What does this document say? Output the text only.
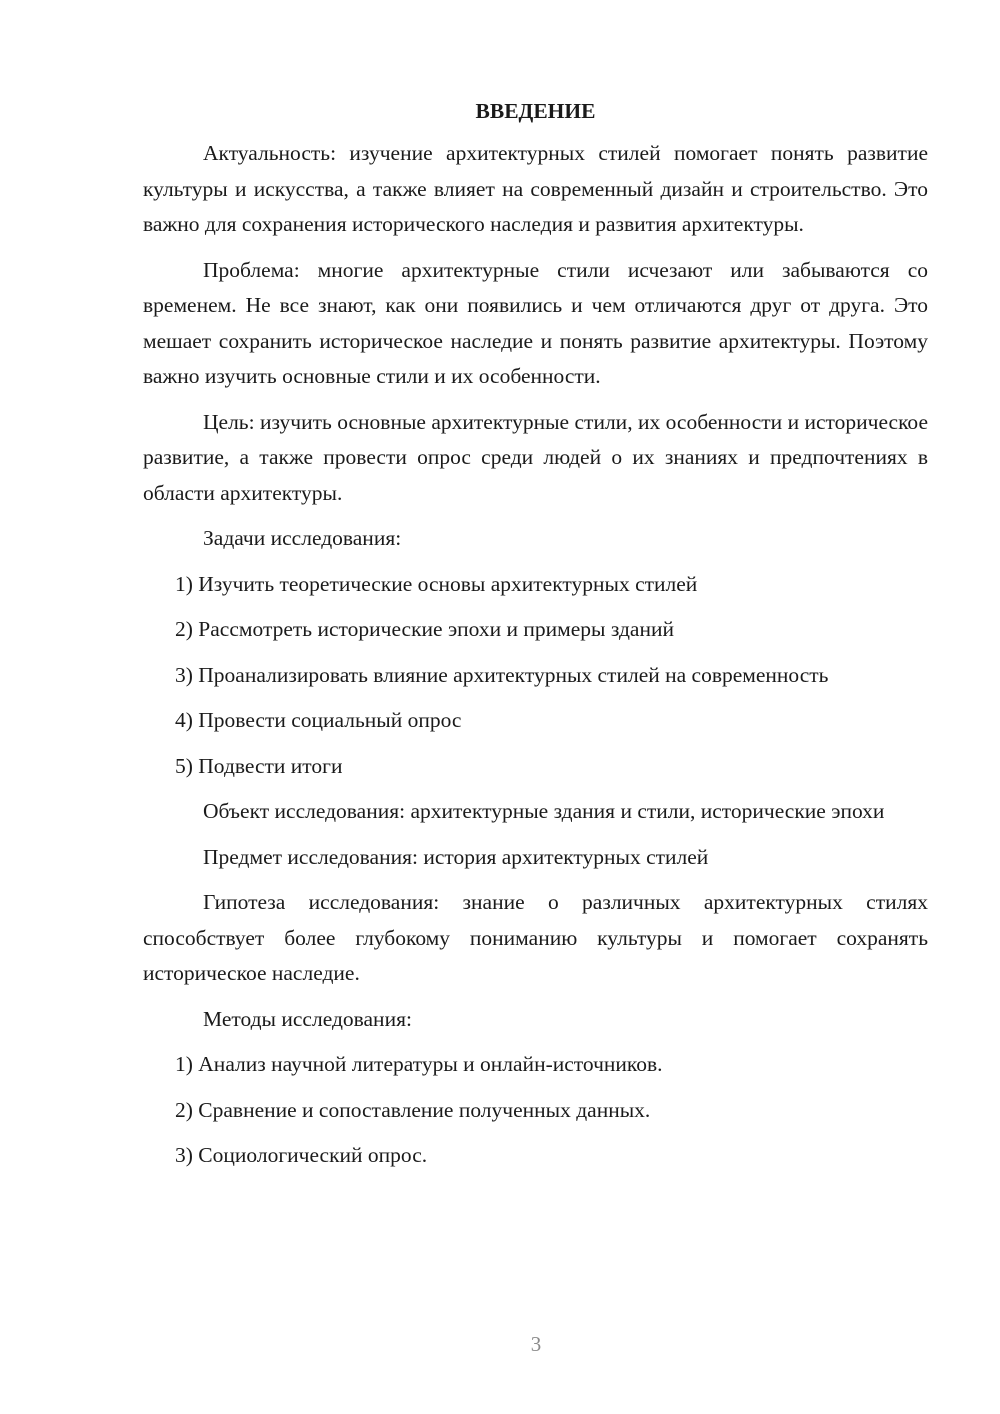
ВВЕДЕНИЕ

Актуальность: изучение архитектурных стилей помогает понять развитие культуры и искусства, а также влияет на современный дизайн и строительство. Это важно для сохранения исторического наследия и развития архитектуры.

Проблема: многие архитектурные стили исчезают или забываются со временем. Не все знают, как они появились и чем отличаются друг от друга. Это мешает сохранить историческое наследие и понять развитие архитектуры. Поэтому важно изучить основные стили и их особенности.

Цель: изучить основные архитектурные стили, их особенности и историческое развитие, а также провести опрос среди людей о их знаниях и предпочтениях в области архитектуры.

Задачи исследования:

1) Изучить теоретические основы архитектурных стилей

2) Рассмотреть исторические эпохи и примеры зданий

3) Проанализировать влияние архитектурных стилей на современность

4) Провести социальный опрос

5) Подвести итоги

Объект исследования: архитектурные здания и стили, исторические эпохи

Предмет исследования: история архитектурных стилей

Гипотеза исследования: знание о различных архитектурных стилях способствует более глубокому пониманию культуры и помогает сохранять историческое наследие.

Методы исследования:

1) Анализ научной литературы и онлайн-источников.

2) Сравнение и сопоставление полученных данных.

3) Социологический опрос.

3
